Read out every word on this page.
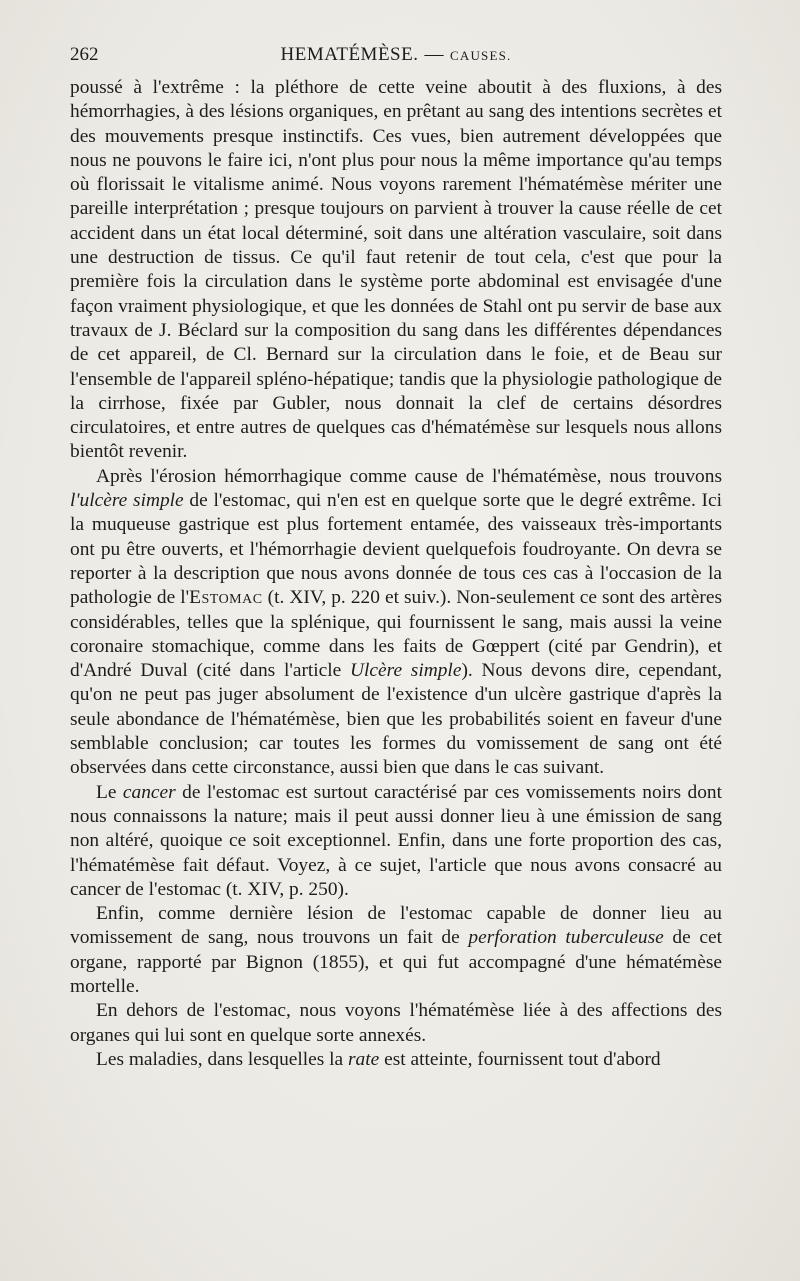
262	HEMATÉMÈSE. — CAUSES.

poussé à l'extrême : la pléthore de cette veine aboutit à des fluxions, à des hémorrhagies, à des lésions organiques, en prêtant au sang des intentions secrètes et des mouvements presque instinctifs. Ces vues, bien autrement développées que nous ne pouvons le faire ici, n'ont plus pour nous la même importance qu'au temps où florissait le vitalisme animé. Nous voyons rarement l'hématémèse mériter une pareille interprétation ; presque toujours on parvient à trouver la cause réelle de cet accident dans un état local déterminé, soit dans une altération vasculaire, soit dans une destruction de tissus. Ce qu'il faut retenir de tout cela, c'est que pour la première fois la circulation dans le système porte abdominal est envisagée d'une façon vraiment physiologique, et que les données de Stahl ont pu servir de base aux travaux de J. Béclard sur la composition du sang dans les différentes dépendances de cet appareil, de Cl. Bernard sur la circulation dans le foie, et de Beau sur l'ensemble de l'appareil spléno-hépatique; tandis que la physiologie pathologique de la cirrhose, fixée par Gubler, nous donnait la clef de certains désordres circulatoires, et entre autres de quelques cas d'hématémèse sur lesquels nous allons bientôt revenir.

Après l'érosion hémorrhagique comme cause de l'hématémèse, nous trouvons l'ulcère simple de l'estomac, qui n'en est en quelque sorte que le degré extrême. Ici la muqueuse gastrique est plus fortement entamée, des vaisseaux très-importants ont pu être ouverts, et l'hémorrhagie devient quelquefois foudroyante. On devra se reporter à la description que nous avons donnée de tous ces cas à l'occasion de la pathologie de l'Estomac (t. XIV, p. 220 et suiv.). Non-seulement ce sont des artères considérables, telles que la splénique, qui fournissent le sang, mais aussi la veine coronaire stomachique, comme dans les faits de Gœppert (cité par Gendrin), et d'André Duval (cité dans l'article Ulcère simple). Nous devons dire, cependant, qu'on ne peut pas juger absolument de l'existence d'un ulcère gastrique d'après la seule abondance de l'hématémèse, bien que les probabilités soient en faveur d'une semblable conclusion; car toutes les formes du vomissement de sang ont été observées dans cette circonstance, aussi bien que dans le cas suivant.

Le cancer de l'estomac est surtout caractérisé par ces vomissements noirs dont nous connaissons la nature; mais il peut aussi donner lieu à une émission de sang non altéré, quoique ce soit exceptionnel. Enfin, dans une forte proportion des cas, l'hématémèse fait défaut. Voyez, à ce sujet, l'article que nous avons consacré au cancer de l'estomac (t. XIV, p. 250).

Enfin, comme dernière lésion de l'estomac capable de donner lieu au vomissement de sang, nous trouvons un fait de perforation tuberculeuse de cet organe, rapporté par Bignon (1855), et qui fut accompagné d'une hématémèse mortelle.

En dehors de l'estomac, nous voyons l'hématémèse liée à des affections des organes qui lui sont en quelque sorte annexés.

Les maladies, dans lesquelles la rate est atteinte, fournissent tout d'abord
